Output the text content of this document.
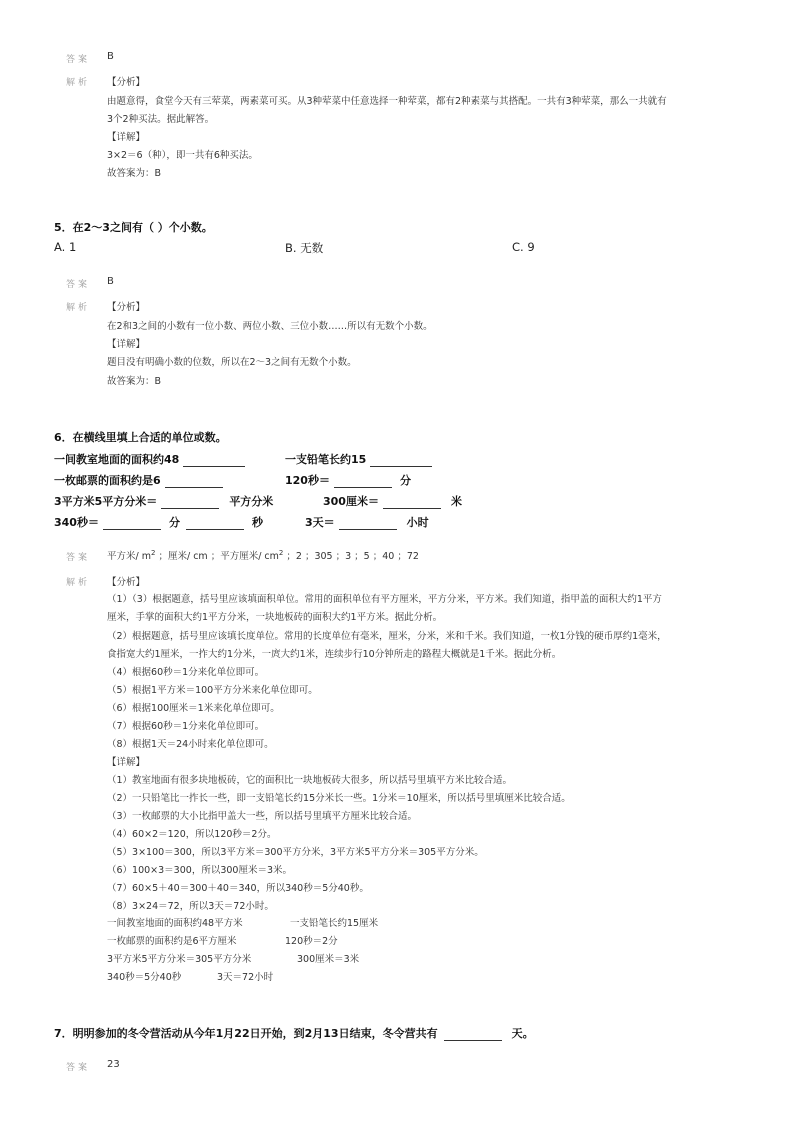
答案 B
解析 【分析】
由题意得，食堂今天有三荤菜，两素菜可买。从3种荤菜中任意选择一种荤菜，都有2种素菜与其搭配。一共有3种荤菜，那么一共就有
3个2种买法。据此解答。
【详解】
3×2＝6（种），即一共有6种买法。
故答案为：B
5．在2～3之间有（ ）个小数。
A. 1	B. 无数	C. 9
答案 B
解析 【分析】
在2和3之间的小数有一位小数、两位小数、三位小数……所以有无数个小数。
【详解】
题目没有明确小数的位数，所以在2～3之间有无数个小数。
故答案为：B
6．在横线里填上合适的单位或数。
一间教室地面的面积约48	一支铅笔长约15
一枚邮票的面积约是6	120秒＝	分
3平方米5平方分米＝	平方分米	300厘米＝	米
340秒＝	分	秒	3天＝	小时
答案 平方米/ $m^2$ ；厘米/ cm ；平方厘米/ $cm^2$ ；2 ；305 ；3 ；5 ；40 ；72
解析 【分析】
（1）（3）根据题意，括号里应该填面积单位。常用的面积单位有平方厘米，平方分米，平方米。我们知道，指甲盖的面积大约1平方
厘米，手掌的面积大约1平方分米，一块地板砖的面积大约1平方米。据此分析。
（2）根据题意，括号里应该填长度单位。常用的长度单位有毫米，厘米，分米，米和千米。我们知道，一枚1分钱的硬币厚约1毫米，
食指宽大约1厘米，一拃大约1分米，一庹大约1米，连续步行10分钟所走的路程大概就是1千米。据此分析。
（4）根据60秒＝1分来化单位即可。
（5）根据1平方米＝100平方分米来化单位即可。
（6）根据100厘米＝1米来化单位即可。
（7）根据60秒＝1分来化单位即可。
（8）根据1天＝24小时来化单位即可。
【详解】
（1）教室地面有很多块地板砖，它的面积比一块地板砖大很多，所以括号里填平方米比较合适。
（2）一只铅笔比一拃长一些，即一支铅笔长约15分米长一些。1分米＝10厘米，所以括号里填厘米比较合适。
（3）一枚邮票的大小比指甲盖大一些，所以括号里填平方厘米比较合适。
（4）60×2＝120，所以120秒＝2分。
（5）3×100＝300，所以3平方米＝300平方分米，3平方米5平方分米＝305平方分米。
（6）100×3＝300，所以300厘米＝3米。
（7）60×5＋40＝300＋40＝340，所以340秒＝5分40秒。
（8）3×24＝72，所以3天＝72小时。
一间教室地面的面积约48平方米	一支铅笔长约15厘米
一枚邮票的面积约是6平方厘米	120秒＝2分
3平方米5平方分米＝305平方分米	300厘米＝3米
340秒＝5分40秒	3天＝72小时
7．明明参加的冬令营活动从今年1月22日开始，到2月13日结束，冬令营共有	天。
答案 23
